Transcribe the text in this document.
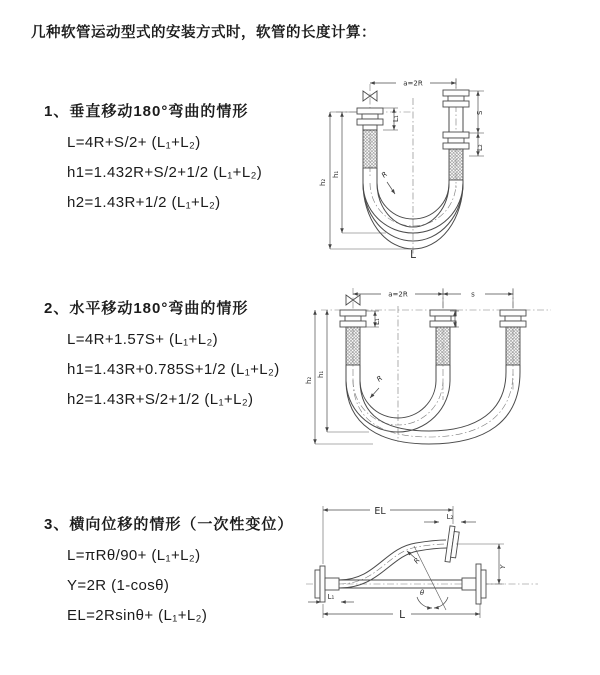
几种软管运动型式的安装方式时，软管的长度计算：
1、垂直移动180°弯曲的情形
L=4R+S/2+ (L₁+L₂)
h1=1.432R+S/2+1/2 (L₁+L₂)
h2=1.43R+1/2 (L₁+L₂)
a=2R
h₂
h₁
L₁
S
L₂
R
L
2、水平移动180°弯曲的情形
L=4R+1.57S+ (L₁+L₂)
h1=1.43R+0.785S+1/2 (L₁+L₂)
h2=1.43R+S/2+1/2 (L₁+L₂)
a=2R	s
h₂
h₁
L₁
R
3、横向位移的情形（一次性变位）
L=πRθ/90+ (L₁+L₂)
Y=2R (1-cosθ)
EL=2Rsinθ+ (L₁+L₂)
EL	L₂
Y
θ
R
L₁
L
